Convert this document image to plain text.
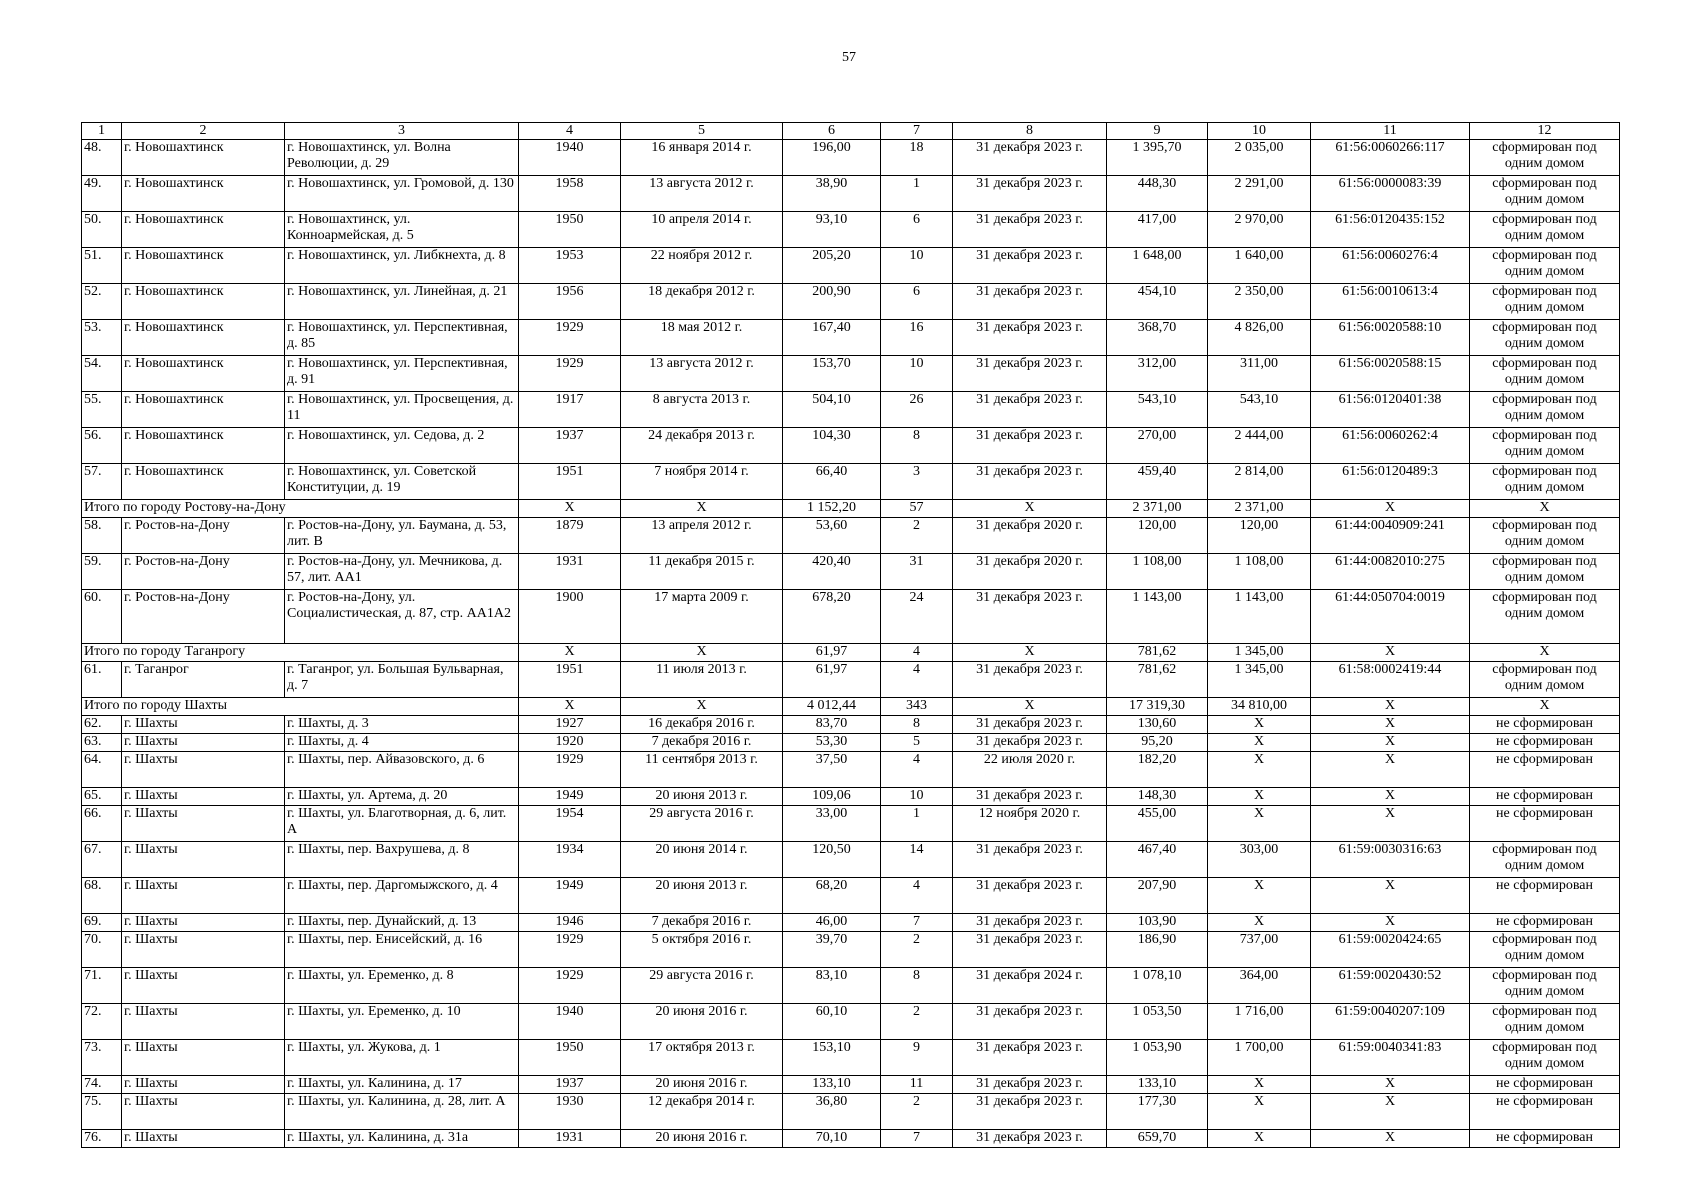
57
1	2	3	4	5	6	7	8	9	10	11	12
48.	г. Новошахтинск	г. Новошахтинск, ул. Волна Революции, д. 29	1940	16 января 2014 г.	196,00	18	31 декабря 2023 г.	1 395,70	2 035,00	61:56:0060266:117	сформирован под одним домом
49.	г. Новошахтинск	г. Новошахтинск, ул. Громовой, д. 130	1958	13 августа 2012 г.	38,90	1	31 декабря 2023 г.	448,30	2 291,00	61:56:0000083:39	сформирован под одним домом
50.	г. Новошахтинск	г. Новошахтинск, ул. Конноармейская, д. 5	1950	10 апреля 2014 г.	93,10	6	31 декабря 2023 г.	417,00	2 970,00	61:56:0120435:152	сформирован под одним домом
51.	г. Новошахтинск	г. Новошахтинск, ул. Либкнехта, д. 8	1953	22 ноября 2012 г.	205,20	10	31 декабря 2023 г.	1 648,00	1 640,00	61:56:0060276:4	сформирован под одним домом
52.	г. Новошахтинск	г. Новошахтинск, ул. Линейная, д. 21	1956	18 декабря 2012 г.	200,90	6	31 декабря 2023 г.	454,10	2 350,00	61:56:0010613:4	сформирован под одним домом
53.	г. Новошахтинск	г. Новошахтинск, ул. Перспективная, д. 85	1929	18 мая 2012 г.	167,40	16	31 декабря 2023 г.	368,70	4 826,00	61:56:0020588:10	сформирован под одним домом
54.	г. Новошахтинск	г. Новошахтинск, ул. Перспективная, д. 91	1929	13 августа 2012 г.	153,70	10	31 декабря 2023 г.	312,00	311,00	61:56:0020588:15	сформирован под одним домом
55.	г. Новошахтинск	г. Новошахтинск, ул. Просвещения, д. 11	1917	8 августа 2013 г.	504,10	26	31 декабря 2023 г.	543,10	543,10	61:56:0120401:38	сформирован под одним домом
56.	г. Новошахтинск	г. Новошахтинск, ул. Седова, д. 2	1937	24 декабря 2013 г.	104,30	8	31 декабря 2023 г.	270,00	2 444,00	61:56:0060262:4	сформирован под одним домом
57.	г. Новошахтинск	г. Новошахтинск, ул. Советской Конституции, д. 19	1951	7 ноября 2014 г.	66,40	3	31 декабря 2023 г.	459,40	2 814,00	61:56:0120489:3	сформирован под одним домом
Итого по городу Ростову-на-Дону			X	X	1 152,20	57	X	2 371,00	2 371,00	X	X
58.	г. Ростов-на-Дону	г. Ростов-на-Дону, ул. Баумана, д. 53, лит. В	1879	13 апреля 2012 г.	53,60	2	31 декабря 2020 г.	120,00	120,00	61:44:0040909:241	сформирован под одним домом
59.	г. Ростов-на-Дону	г. Ростов-на-Дону, ул. Мечникова, д. 57, лит. АА1	1931	11 декабря 2015 г.	420,40	31	31 декабря 2020 г.	1 108,00	1 108,00	61:44:0082010:275	сформирован под одним домом
60.	г. Ростов-на-Дону	г. Ростов-на-Дону, ул. Социалистическая, д. 87, стр. АА1А2	1900	17 марта 2009 г.	678,20	24	31 декабря 2023 г.	1 143,00	1 143,00	61:44:050704:0019	сформирован под одним домом
Итого по городу Таганрогу			X	X	61,97	4	X	781,62	1 345,00	X	X
61.	г. Таганрог	г. Таганрог, ул. Большая Бульварная, д. 7	1951	11 июля 2013 г.	61,97	4	31 декабря 2023 г.	781,62	1 345,00	61:58:0002419:44	сформирован под одним домом
Итого по городу Шахты			X	X	4 012,44	343	X	17 319,30	34 810,00	X	X
62.	г. Шахты	г. Шахты, д. 3	1927	16 декабря 2016 г.	83,70	8	31 декабря 2023 г.	130,60	X	X	не сформирован
63.	г. Шахты	г. Шахты, д. 4	1920	7 декабря 2016 г.	53,30	5	31 декабря 2023 г.	95,20	X	X	не сформирован
64.	г. Шахты	г. Шахты, пер. Айвазовского, д. 6	1929	11 сентября 2013 г.	37,50	4	22 июля 2020 г.	182,20	X	X	не сформирован
65.	г. Шахты	г. Шахты, ул. Артема, д. 20	1949	20 июня 2013 г.	109,06	10	31 декабря 2023 г.	148,30	X	X	не сформирован
66.	г. Шахты	г. Шахты, ул. Благотворная, д. 6, лит. А	1954	29 августа 2016 г.	33,00	1	12 ноября 2020 г.	455,00	X	X	не сформирован
67.	г. Шахты	г. Шахты, пер. Вахрушева, д. 8	1934	20 июня 2014 г.	120,50	14	31 декабря 2023 г.	467,40	303,00	61:59:0030316:63	сформирован под одним домом
68.	г. Шахты	г. Шахты, пер. Даргомыжского, д. 4	1949	20 июня 2013 г.	68,20	4	31 декабря 2023 г.	207,90	X	X	не сформирован
69.	г. Шахты	г. Шахты, пер. Дунайский, д. 13	1946	7 декабря 2016 г.	46,00	7	31 декабря 2023 г.	103,90	X	X	не сформирован
70.	г. Шахты	г. Шахты, пер. Енисейский, д. 16	1929	5 октября 2016 г.	39,70	2	31 декабря 2023 г.	186,90	737,00	61:59:0020424:65	сформирован под одним домом
71.	г. Шахты	г. Шахты, ул. Еременко, д. 8	1929	29 августа 2016 г.	83,10	8	31 декабря 2024 г.	1 078,10	364,00	61:59:0020430:52	сформирован под одним домом
72.	г. Шахты	г. Шахты, ул. Еременко, д. 10	1940	20 июня 2016 г.	60,10	2	31 декабря 2023 г.	1 053,50	1 716,00	61:59:0040207:109	сформирован под одним домом
73.	г. Шахты	г. Шахты, ул. Жукова, д. 1	1950	17 октября 2013 г.	153,10	9	31 декабря 2023 г.	1 053,90	1 700,00	61:59:0040341:83	сформирован под одним домом
74.	г. Шахты	г. Шахты, ул. Калинина, д. 17	1937	20 июня 2016 г.	133,10	11	31 декабря 2023 г.	133,10	X	X	не сформирован
75.	г. Шахты	г. Шахты, ул. Калинина, д. 28, лит. А	1930	12 декабря 2014 г.	36,80	2	31 декабря 2023 г.	177,30	X	X	не сформирован
76.	г. Шахты	г. Шахты, ул. Калинина, д. 31а	1931	20 июня 2016 г.	70,10	7	31 декабря 2023 г.	659,70	X	X	не сформирован
